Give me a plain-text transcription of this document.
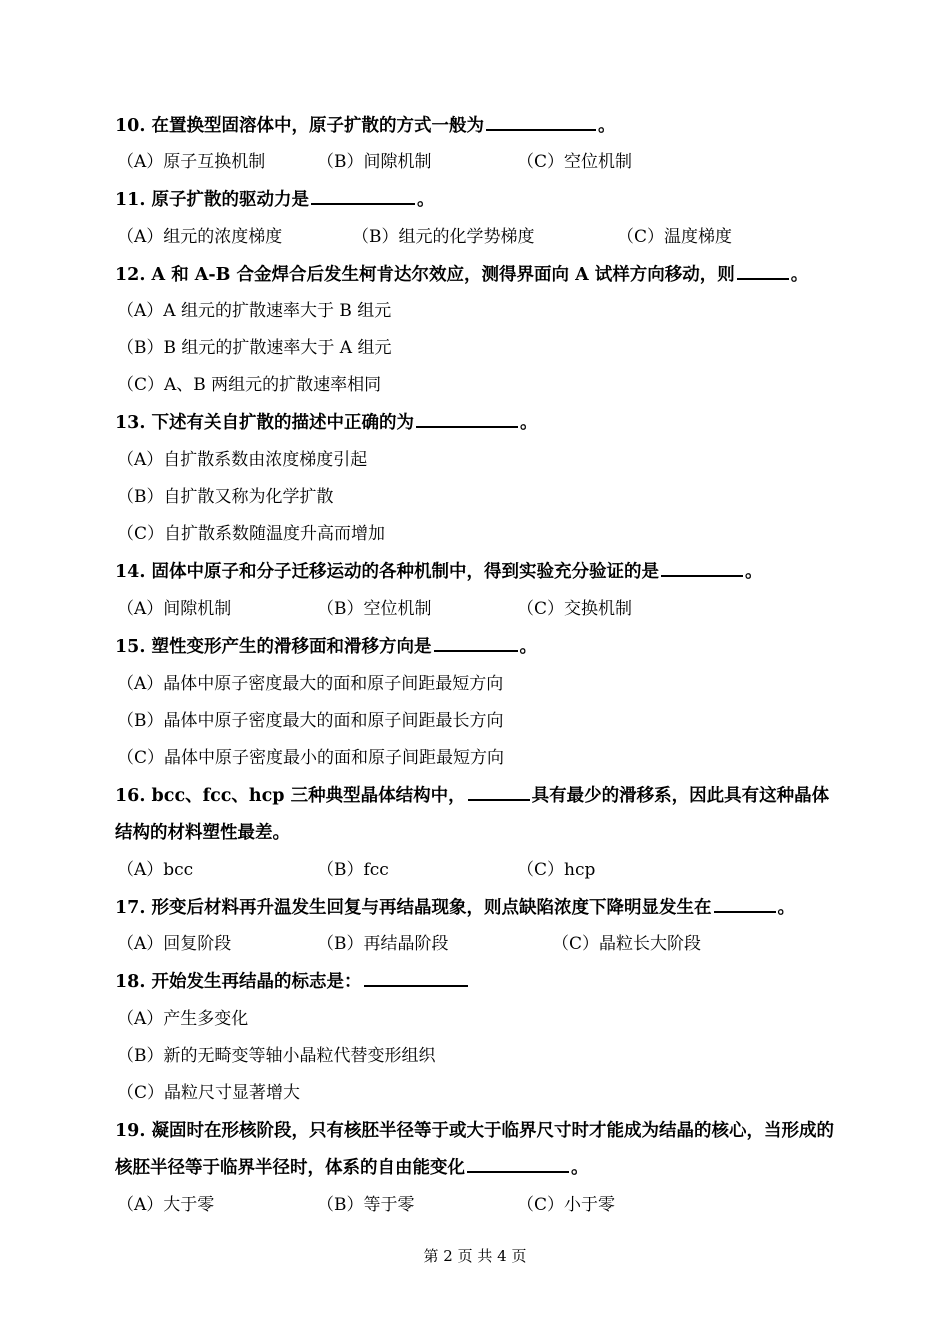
10. 在置换型固溶体中，原子扩散的方式一般为	。
（A）原子互换机制	（B）间隙机制	（C）空位机制
11. 原子扩散的驱动力是	。
（A）组元的浓度梯度	（B）组元的化学势梯度	（C）温度梯度
12. A 和 A-B 合金焊合后发生柯肯达尔效应，测得界面向 A 试样方向移动，则	。
（A）A 组元的扩散速率大于 B 组元
（B）B 组元的扩散速率大于 A 组元
（C）A、B 两组元的扩散速率相同
13. 下述有关自扩散的描述中正确的为	。
（A）自扩散系数由浓度梯度引起
（B）自扩散又称为化学扩散
（C）自扩散系数随温度升高而增加
14. 固体中原子和分子迁移运动的各种机制中，得到实验充分验证的是	。
（A）间隙机制	（B）空位机制	（C）交换机制
15. 塑性变形产生的滑移面和滑移方向是	。
（A）晶体中原子密度最大的面和原子间距最短方向
（B）晶体中原子密度最大的面和原子间距最长方向
（C）晶体中原子密度最小的面和原子间距最短方向
16. bcc、fcc、hcp 三种典型晶体结构中，	具有最少的滑移系，因此具有这种晶体结构的材料塑性最差。
（A）bcc	（B）fcc	（C）hcp
17. 形变后材料再升温发生回复与再结晶现象，则点缺陷浓度下降明显发生在	。
（A）回复阶段	（B）再结晶阶段	（C）晶粒长大阶段
18. 开始发生再结晶的标志是：
（A）产生多变化
（B）新的无畸变等轴小晶粒代替变形组织
（C）晶粒尺寸显著增大
19. 凝固时在形核阶段，只有核胚半径等于或大于临界尺寸时才能成为结晶的核心，当形成的核胚半径等于临界半径时，体系的自由能变化	。
（A）大于零	（B）等于零	（C）小于零
第 2 页 共 4 页
